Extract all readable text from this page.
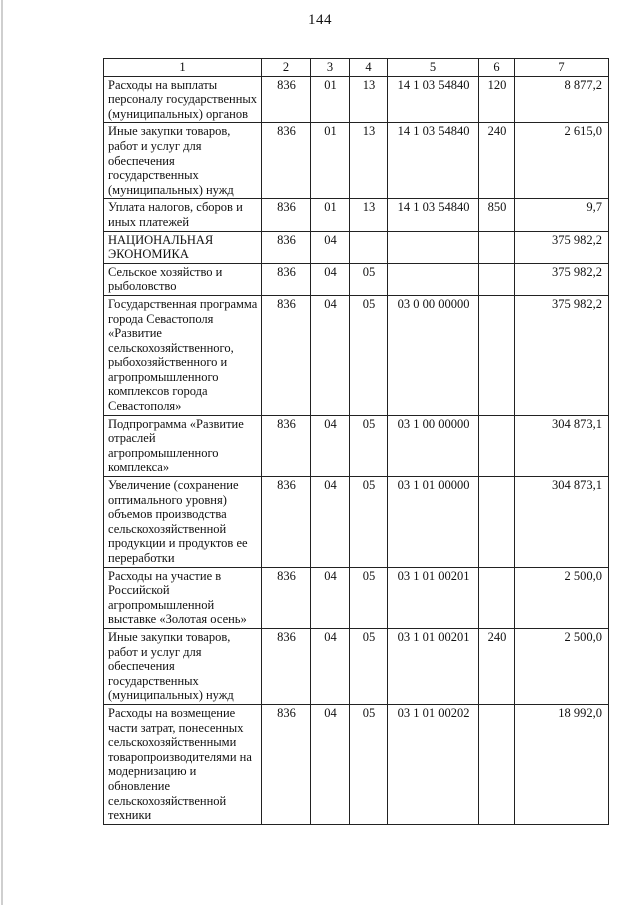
144
1	2	3	4	5	6	7
Расходы на выплаты персоналу государственных (муниципальных) органов	836	01	13	14 1 03 54840	120	8 877,2
Иные закупки товаров, работ и услуг для обеспечения государственных (муниципальных) нужд	836	01	13	14 1 03 54840	240	2 615,0
Уплата налогов, сборов и иных платежей	836	01	13	14 1 03 54840	850	9,7
НАЦИОНАЛЬНАЯ ЭКОНОМИКА	836	04				375 982,2
Сельское хозяйство и рыболовство	836	04	05			375 982,2
Государственная программа города Севастополя «Развитие сельскохозяйственного, рыбохозяйственного и агропромышленного комплексов города Севастополя»	836	04	05	03 0 00 00000		375 982,2
Подпрограмма «Развитие отраслей агропромышленного комплекса»	836	04	05	03 1 00 00000		304 873,1
Увеличение (сохранение оптимального уровня) объемов производства сельскохозяйственной продукции и продуктов ее переработки	836	04	05	03 1 01 00000		304 873,1
Расходы на участие в Российской агропромышленной выставке «Золотая осень»	836	04	05	03 1 01 00201		2 500,0
Иные закупки товаров, работ и услуг для обеспечения государственных (муниципальных) нужд	836	04	05	03 1 01 00201	240	2 500,0
Расходы на возмещение части затрат, понесенных сельскохозяйственными товаропроизводителями на модернизацию и обновление сельскохозяйственной техники	836	04	05	03 1 01 00202		18 992,0
